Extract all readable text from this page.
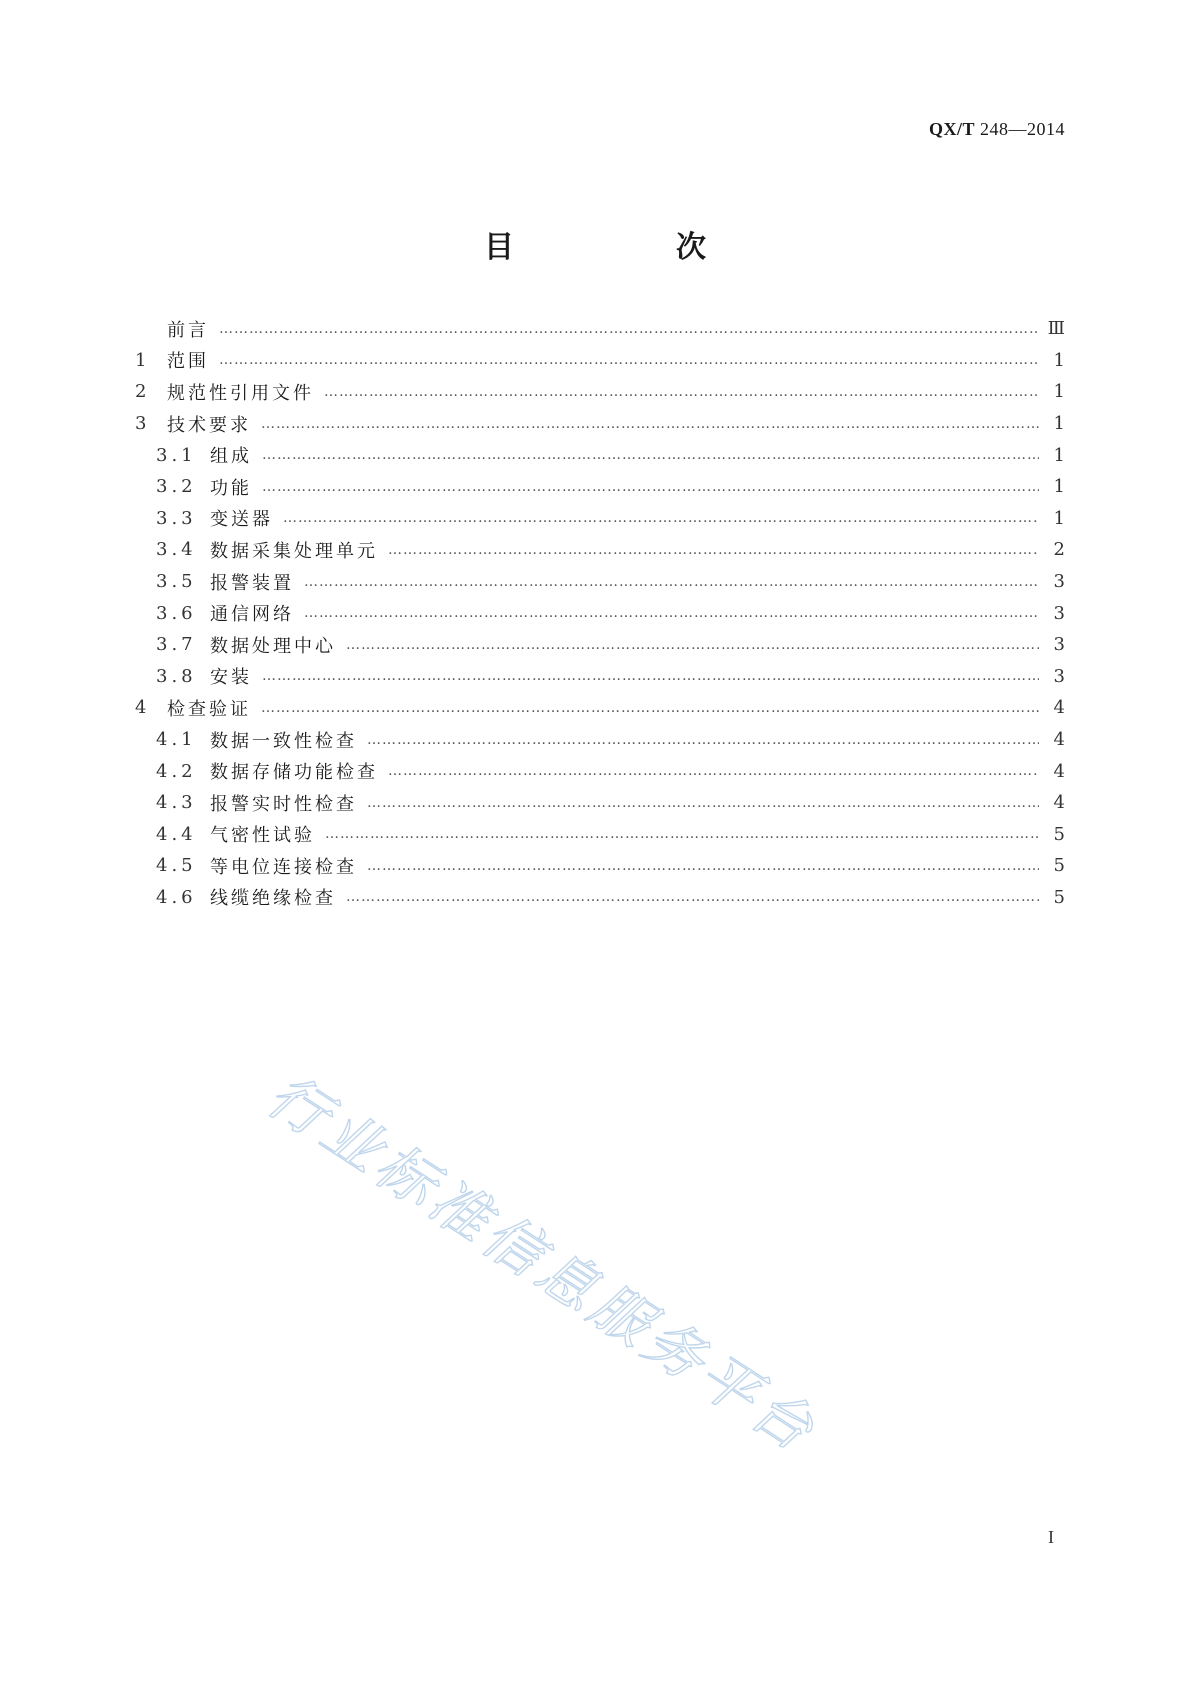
QX/T 248—2014
目　次
前言 …………………………………………………………………………………………………………………………………………………………………………………………	Ⅲ
1 范围 …………………………………………………………………………………………………………………………………………………………………………………………	1
2 规范性引用文件 …………………………………………………………………………………………………………………………………………………………………………………………	1
3 技术要求 …………………………………………………………………………………………………………………………………………………………………………………………	1
3.1 组成 …………………………………………………………………………………………………………………………………………………………………………………………	1
3.2 功能 …………………………………………………………………………………………………………………………………………………………………………………………	1
3.3 变送器 …………………………………………………………………………………………………………………………………………………………………………………………	1
3.4 数据采集处理单元 …………………………………………………………………………………………………………………………………………………………………………………………	2
3.5 报警装置 …………………………………………………………………………………………………………………………………………………………………………………………	3
3.6 通信网络 …………………………………………………………………………………………………………………………………………………………………………………………	3
3.7 数据处理中心 …………………………………………………………………………………………………………………………………………………………………………………………	3
3.8 安装 …………………………………………………………………………………………………………………………………………………………………………………………	3
4 检查验证 …………………………………………………………………………………………………………………………………………………………………………………………	4
4.1 数据一致性检查 …………………………………………………………………………………………………………………………………………………………………………………………	4
4.2 数据存储功能检查 …………………………………………………………………………………………………………………………………………………………………………………………	4
4.3 报警实时性检查 …………………………………………………………………………………………………………………………………………………………………………………………	4
4.4 气密性试验 …………………………………………………………………………………………………………………………………………………………………………………………	5
4.5 等电位连接检查 …………………………………………………………………………………………………………………………………………………………………………………………	5
4.6 线缆绝缘检查 …………………………………………………………………………………………………………………………………………………………………………………………	5
行业标准信息服务平台
I
